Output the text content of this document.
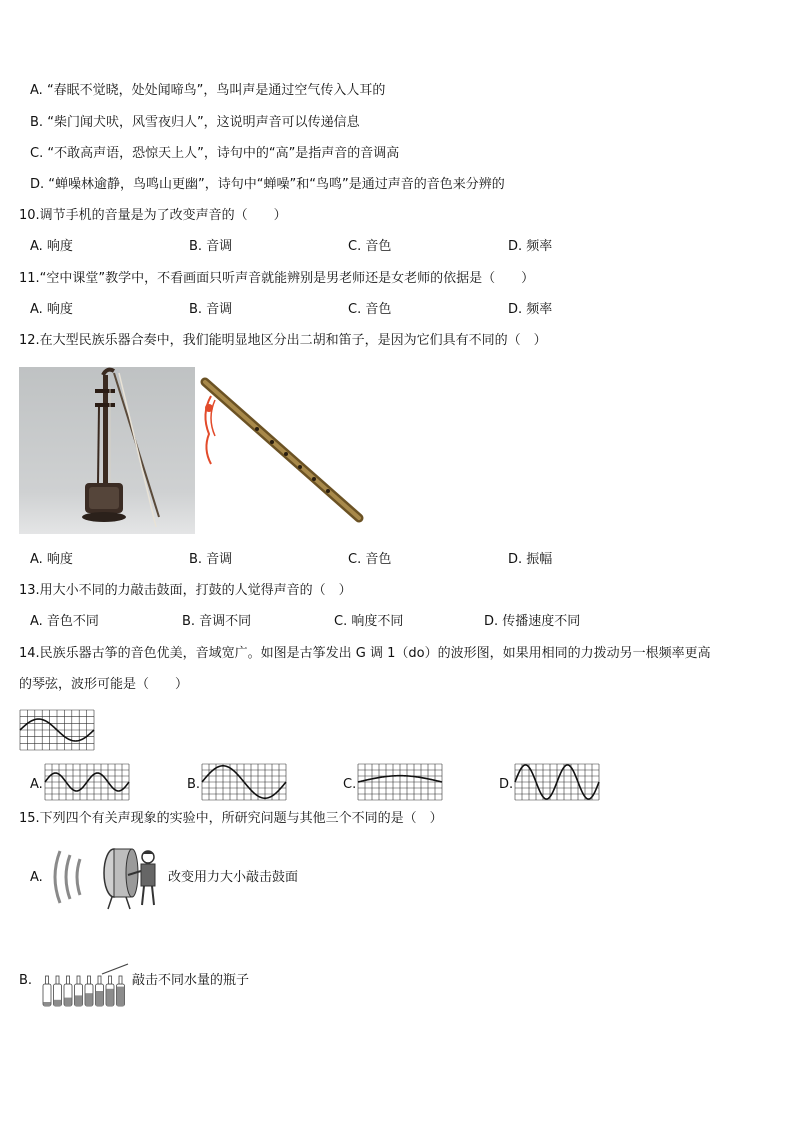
A. “春眠不觉晓，处处闻啼鸟”，鸟叫声是通过空气传入人耳的
B. “柴门闻犬吠，风雪夜归人”，这说明声音可以传递信息
C. “不敢高声语，恐惊天上人”，诗句中的“高”是指声音的音调高
D. “蝉噪林逾静，鸟鸣山更幽”，诗句中“蝉噪”和“鸟鸣”是通过声音的音色来分辨的
10.调节手机的音量是为了改变声音的（　　）
A. 响度	B. 音调	C. 音色	D. 频率
11.“空中课堂”教学中，不看画面只听声音就能辨别是男老师还是女老师的依据是（　　）
A. 响度	B. 音调	C. 音色	D. 频率
12.在大型民族乐器合奏中，我们能明显地区分出二胡和笛子，是因为它们具有不同的（　）
A. 响度	B. 音调	C. 音色	D. 振幅
13.用大小不同的力敲击鼓面，打鼓的人觉得声音的（　）
A. 音色不同	B. 音调不同	C. 响度不同	D. 传播速度不同
14.民族乐器古筝的音色优美，音域宽广。如图是古筝发出 G 调 1（do）的波形图，如果用相同的力拨动另一根频率更高
的琴弦，波形可能是（　　）
A.	B.	C.	D.
15.下列四个有关声现象的实验中，所研究问题与其他三个不同的是（　）
A.	改变用力大小敲击鼓面
B.	敲击不同水量的瓶子
